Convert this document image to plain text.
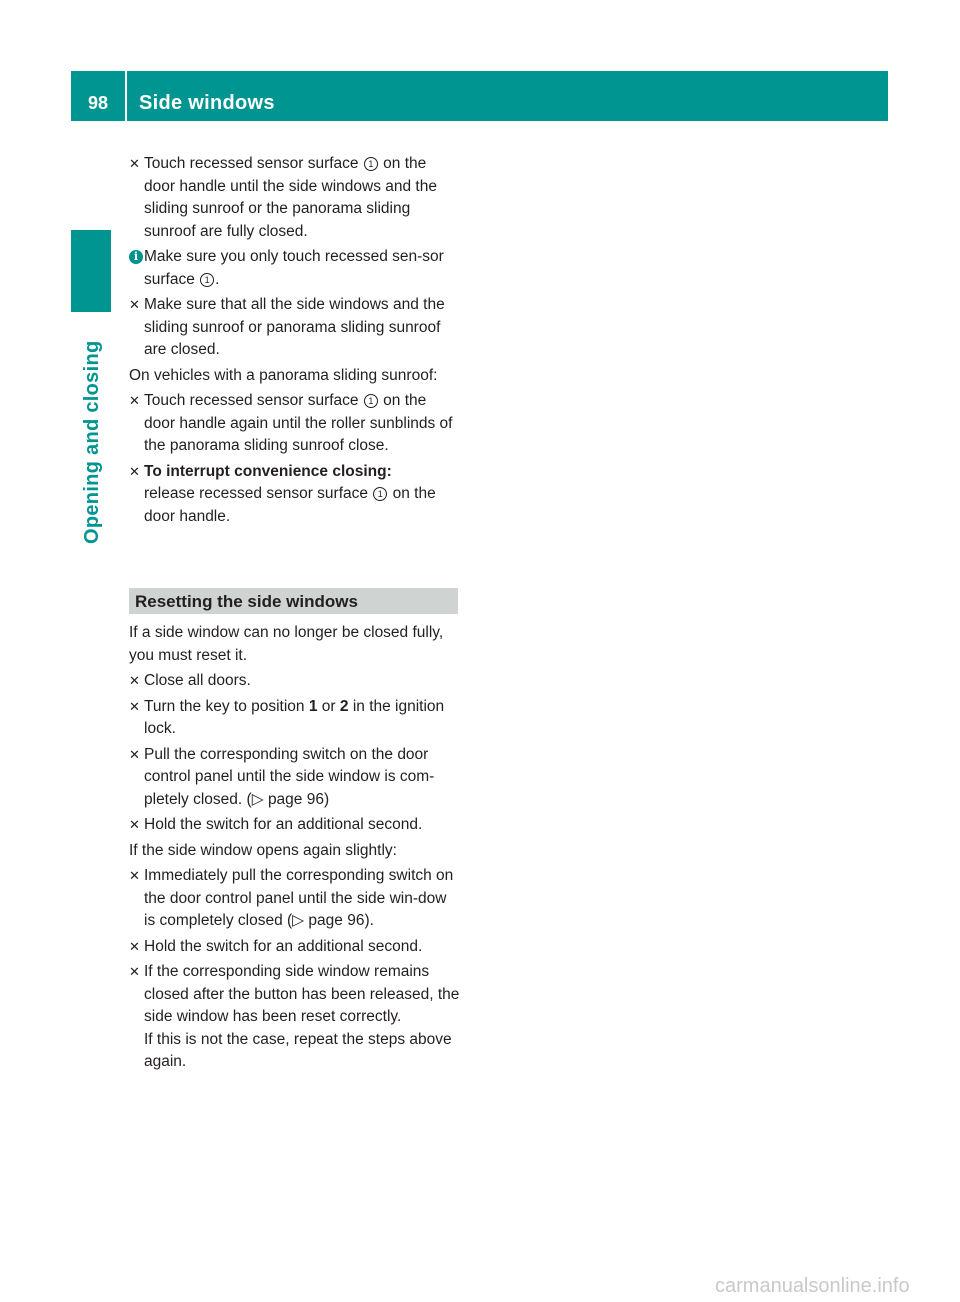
98	Side windows
Opening and closing
✕ Touch recessed sensor surface 1 on the door handle until the side windows and the sliding sunroof or the panorama sliding sunroof are fully closed.
i Make sure you only touch recessed sen-sor surface 1 .
✕ Make sure that all the side windows and the sliding sunroof or panorama sliding sunroof are closed.
On vehicles with a panorama sliding sunroof:
✕ Touch recessed sensor surface 1 on the door handle again until the roller sunblinds of the panorama sliding sunroof close.
✕ To interrupt convenience closing:
release recessed sensor surface 1 on the door handle.
Resetting the side windows
If a side window can no longer be closed fully, you must reset it.
✕ Close all doors.
✕ Turn the key to position 1 or 2 in the ignition lock.
✕ Pull the corresponding switch on the door control panel until the side window is com-pletely closed. (▷ page 96)
✕ Hold the switch for an additional second.
If the side window opens again slightly:
✕ Immediately pull the corresponding switch on the door control panel until the side win-dow is completely closed (▷ page 96).
✕ Hold the switch for an additional second.
✕ If the corresponding side window remains closed after the button has been released, the side window has been reset correctly.
If this is not the case, repeat the steps above again.
carmanualsonline.info
